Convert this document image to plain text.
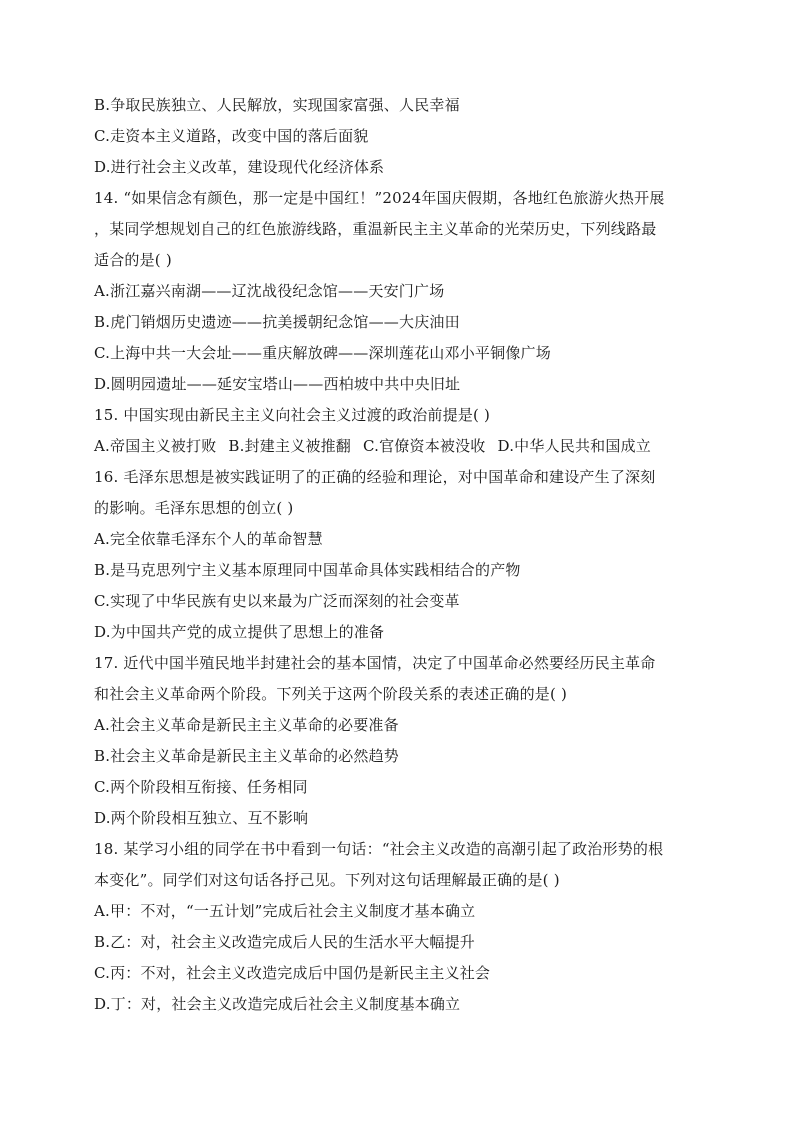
B.争取民族独立、人民解放，实现国家富强、人民幸福
C.走资本主义道路，改变中国的落后面貌
D.进行社会主义改革，建设现代化经济体系
14. “如果信念有颜色，那一定是中国红！”2024年国庆假期，各地红色旅游火热开展
，某同学想规划自己的红色旅游线路，重温新民主主义革命的光荣历史，下列线路最
适合的是( )
A.浙江嘉兴南湖——辽沈战役纪念馆——天安门广场
B.虎门销烟历史遗迹——抗美援朝纪念馆——大庆油田
C.上海中共一大会址——重庆解放碑——深圳莲花山邓小平铜像广场
D.圆明园遗址——延安宝塔山——西柏坡中共中央旧址
15. 中国实现由新民主主义向社会主义过渡的政治前提是( )
A.帝国主义被打败 B.封建主义被推翻 C.官僚资本被没收 D.中华人民共和国成立
16. 毛泽东思想是被实践证明了的正确的经验和理论，对中国革命和建设产生了深刻
的影响。毛泽东思想的创立( )
A.完全依靠毛泽东个人的革命智慧
B.是马克思列宁主义基本原理同中国革命具体实践相结合的产物
C.实现了中华民族有史以来最为广泛而深刻的社会变革
D.为中国共产党的成立提供了思想上的准备
17. 近代中国半殖民地半封建社会的基本国情，决定了中国革命必然要经历民主革命
和社会主义革命两个阶段。下列关于这两个阶段关系的表述正确的是( )
A.社会主义革命是新民主主义革命的必要准备
B.社会主义革命是新民主主义革命的必然趋势
C.两个阶段相互衔接、任务相同
D.两个阶段相互独立、互不影响
18. 某学习小组的同学在书中看到一句话：“社会主义改造的高潮引起了政治形势的根
本变化”。同学们对这句话各抒己见。下列对这句话理解最正确的是( )
A.甲：不对，“一五计划”完成后社会主义制度才基本确立
B.乙：对，社会主义改造完成后人民的生活水平大幅提升
C.丙：不对，社会主义改造完成后中国仍是新民主主义社会
D.丁：对，社会主义改造完成后社会主义制度基本确立
